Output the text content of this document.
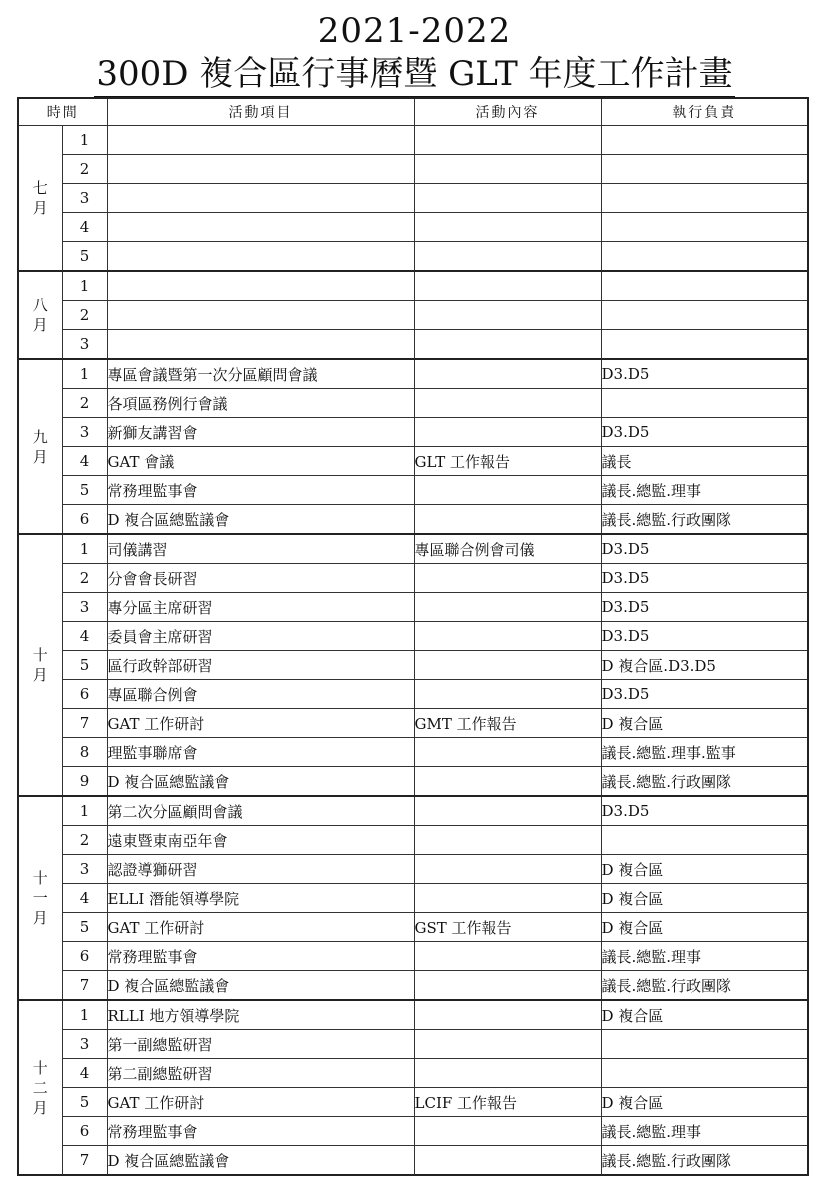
2021-2022
300D 複合區行事曆暨 GLT 年度工作計畫
時間		活動項目	活動內容	執行負責

七
月	1			
	2			
	3			
	4			
	5			

八
月	1			
	2			
	3			

九
月	1	專區會議暨第一次分區顧問會議		D3.D5
	2	各項區務例行會議		
	3	新獅友講習會		D3.D5
	4	GAT 會議	GLT 工作報告	議長
	5	常務理監事會		議長.總監.理事
	6	D 複合區總監議會		議長.總監.行政團隊

十
月	1	司儀講習	專區聯合例會司儀	D3.D5
	2	分會會長研習		D3.D5
	3	專分區主席研習		D3.D5
	4	委員會主席研習		D3.D5
	5	區行政幹部研習		D 複合區.D3.D5
	6	專區聯合例會		D3.D5
	7	GAT 工作研討	GMT 工作報告	D 複合區
	8	理監事聯席會		議長.總監.理事.監事
	9	D 複合區總監議會		議長.總監.行政團隊

十
一
月	1	第二次分區顧問會議		D3.D5
	2	遠東暨東南亞年會		
	3	認證導獅研習		D 複合區
	4	ELLI 潛能領導學院		D 複合區
	5	GAT 工作研討	GST 工作報告	D 複合區
	6	常務理監事會		議長.總監.理事
	7	D 複合區總監議會		議長.總監.行政團隊

十
二
月	1	RLLI 地方領導學院		D 複合區
	3	第一副總監研習		
	4	第二副總監研習		
	5	GAT 工作研討	LCIF 工作報告	D 複合區
	6	常務理監事會		議長.總監.理事
	7	D 複合區總監議會		議長.總監.行政團隊
